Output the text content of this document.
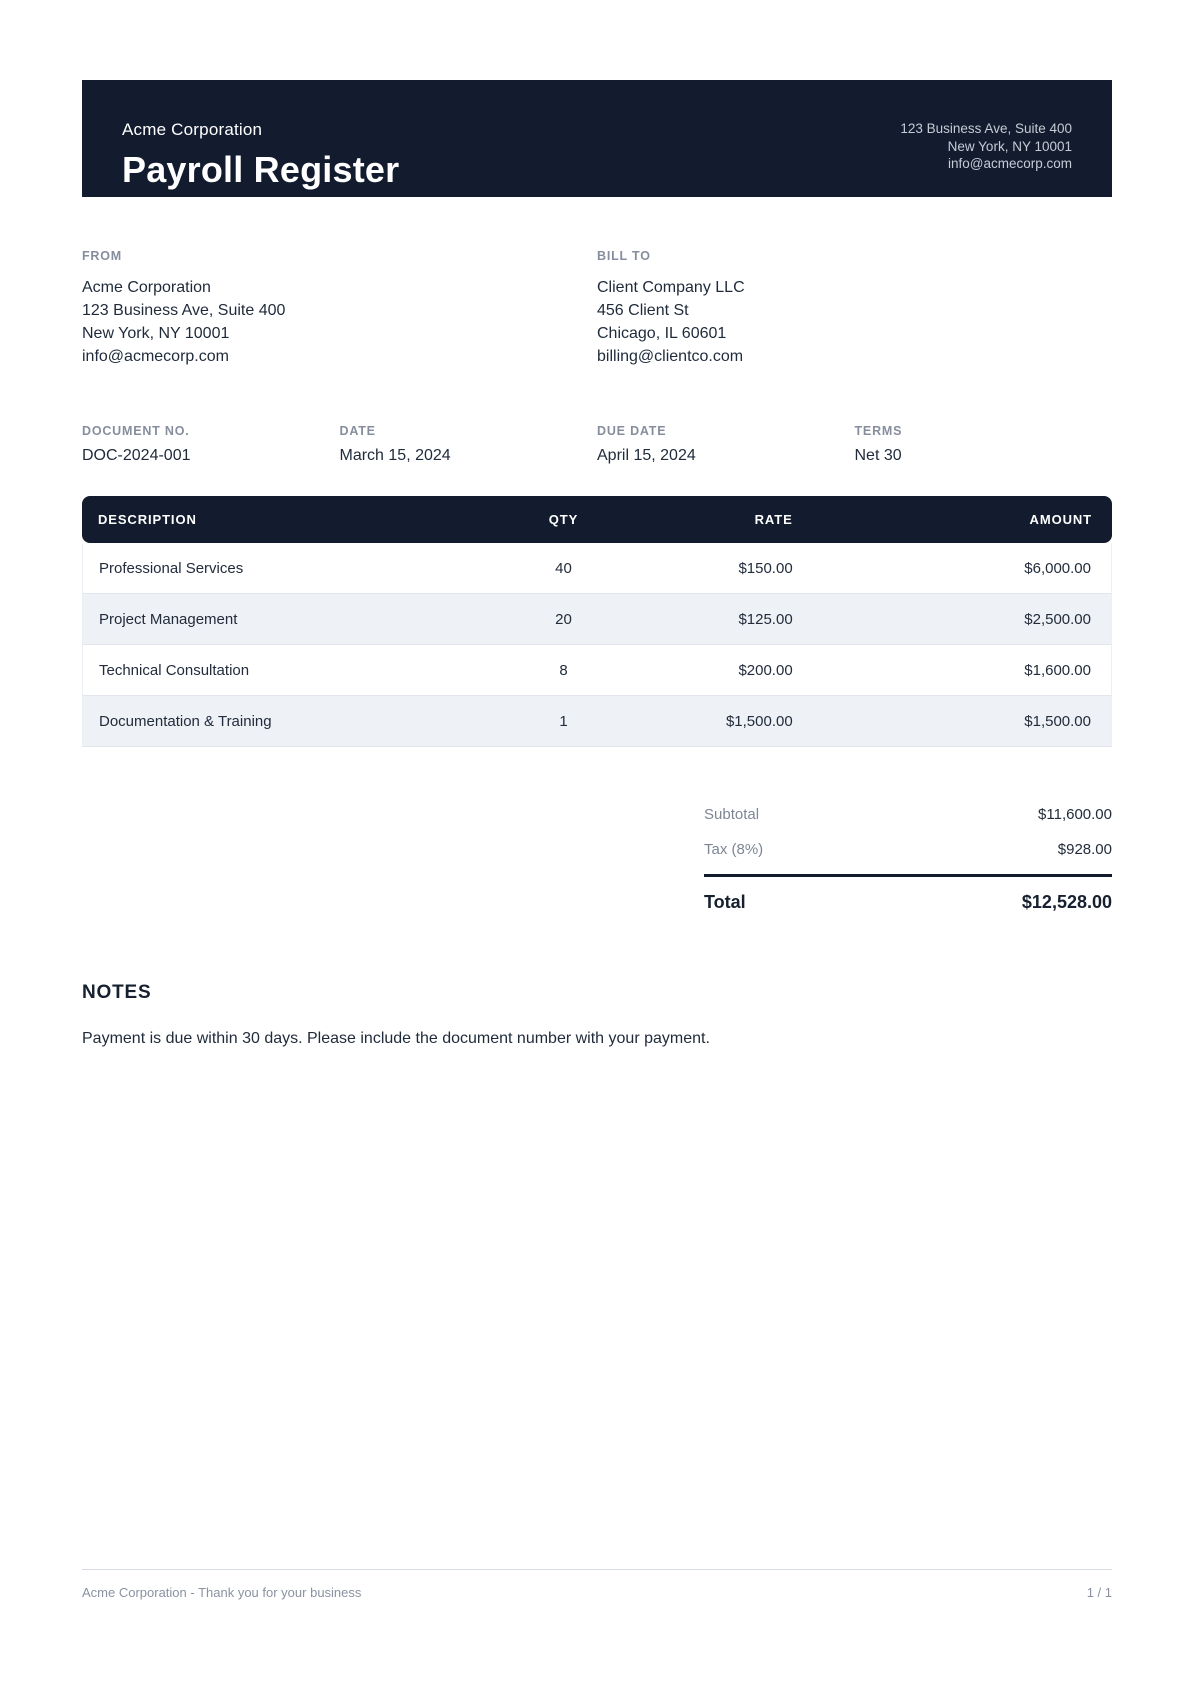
Acme Corporation
Payroll Register
123 Business Ave, Suite 400
New York, NY 10001
info@acmecorp.com
FROM
Acme Corporation
123 Business Ave, Suite 400
New York, NY 10001
info@acmecorp.com
BILL TO
Client Company LLC
456 Client St
Chicago, IL 60601
billing@clientco.com
DOCUMENT NO.
DOC-2024-001
DATE
March 15, 2024
DUE DATE
April 15, 2024
TERMS
Net 30
DESCRIPTION	QTY	RATE	AMOUNT
Professional Services	40	$150.00	$6,000.00
Project Management	20	$125.00	$2,500.00
Technical Consultation	8	$200.00	$1,600.00
Documentation & Training	1	$1,500.00	$1,500.00
Subtotal	$11,600.00
Tax (8%)	$928.00
Total	$12,528.00
NOTES

Payment is due within 30 days. Please include the document number with your payment.

Acme Corporation - Thank you for your business	1 / 1
